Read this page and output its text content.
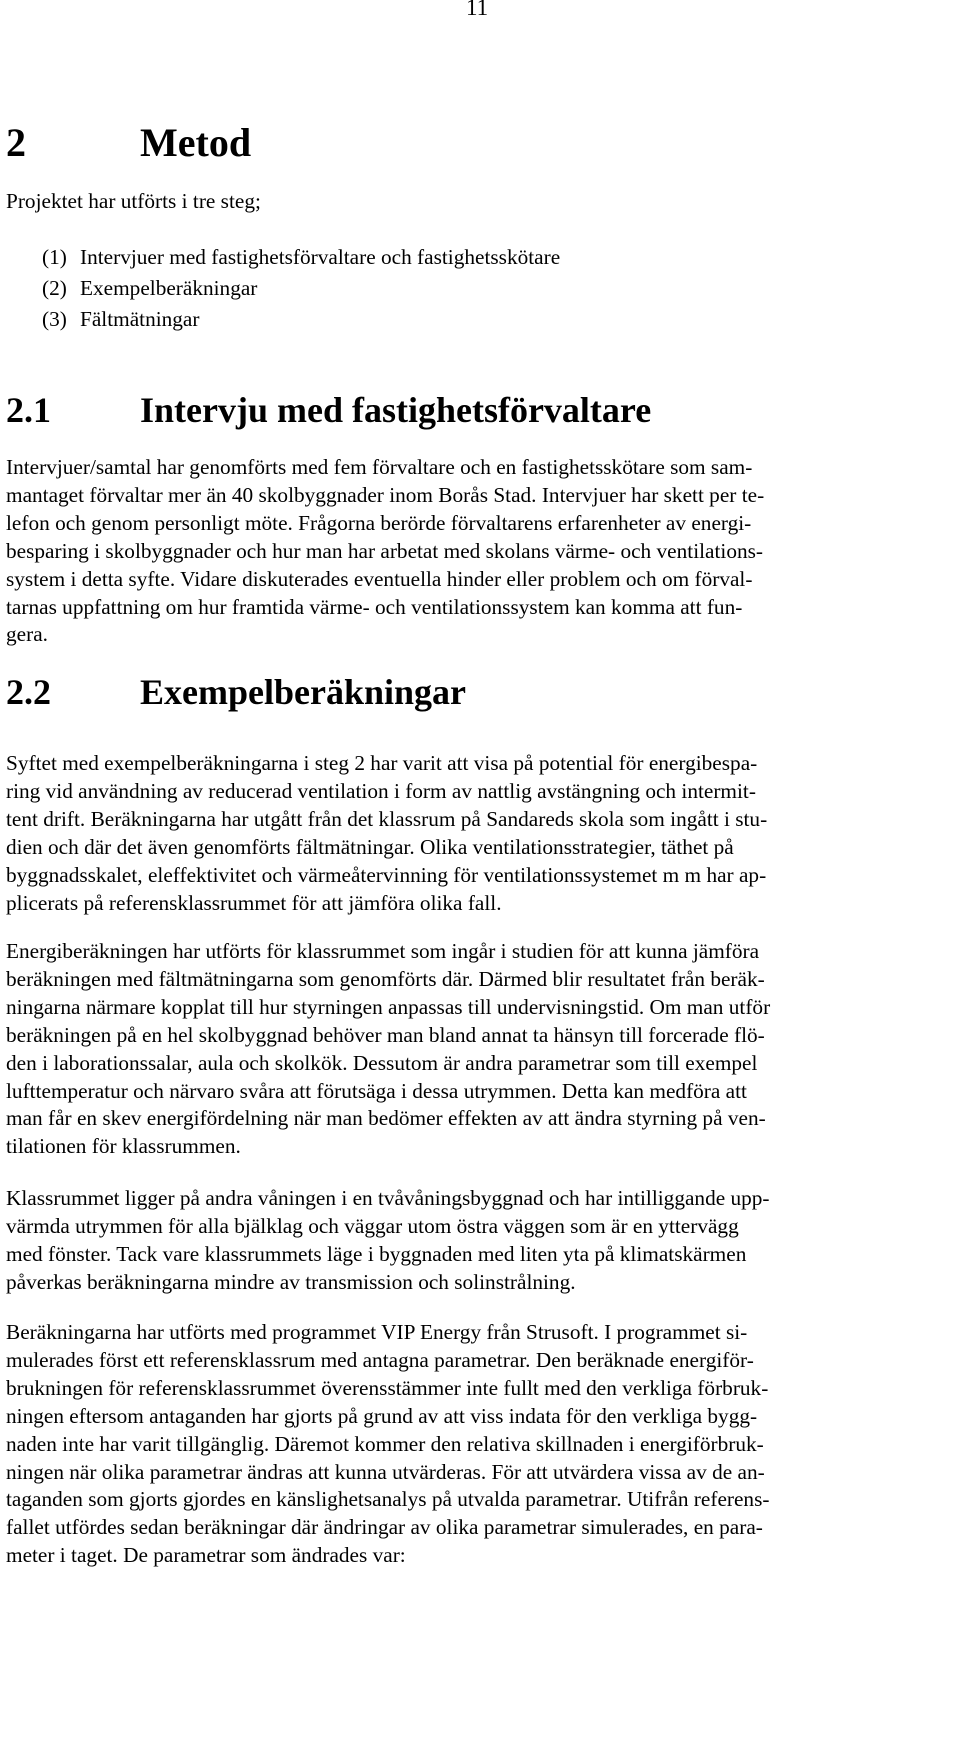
11
2	Metod

Projektet har utförts i tre steg;

(1) Intervjuer med fastighetsförvaltare och fastighetsskötare
(2) Exempelberäkningar
(3) Fältmätningar
2.1 Intervju med fastighetsförvaltare

Intervjuer/samtal har genomförts med fem förvaltare och en fastighetsskötare som sam-
mantaget förvaltar mer än 40 skolbyggnader inom Borås Stad. Intervjuer har skett per te-
lefon och genom personligt möte. Frågorna berörde förvaltarens erfarenheter av energi-
besparing i skolbyggnader och hur man har arbetat med skolans värme- och ventilations-
system i detta syfte. Vidare diskuterades eventuella hinder eller problem och om förval-
tarnas uppfattning om hur framtida värme- och ventilationssystem kan komma att fun-
gera.

2.2 Exempelberäkningar

Syftet med exempelberäkningarna i steg 2 har varit att visa på potential för energibespa-
ring vid användning av reducerad ventilation i form av nattlig avstängning och intermit-
tent drift. Beräkningarna har utgått från det klassrum på Sandareds skola som ingått i stu-
dien och där det även genomförts fältmätningar. Olika ventilationsstrategier, täthet på
byggnadsskalet, eleffektivitet och värmeåtervinning för ventilationssystemet m m har ap-
plicerats på referensklassrummet för att jämföra olika fall.

Energiberäkningen har utförts för klassrummet som ingår i studien för att kunna jämföra
beräkningen med fältmätningarna som genomförts där. Därmed blir resultatet från beräk-
ningarna närmare kopplat till hur styrningen anpassas till undervisningstid. Om man utför
beräkningen på en hel skolbyggnad behöver man bland annat ta hänsyn till forcerade flö-
den i laborationssalar, aula och skolkök. Dessutom är andra parametrar som till exempel
lufttemperatur och närvaro svåra att förutsäga i dessa utrymmen. Detta kan medföra att
man får en skev energifördelning när man bedömer effekten av att ändra styrning på ven-
tilationen för klassrummen.

Klassrummet ligger på andra våningen i en tvåvåningsbyggnad och har intilliggande upp-
värmda utrymmen för alla bjälklag och väggar utom östra väggen som är en yttervägg
med fönster. Tack vare klassrummets läge i byggnaden med liten yta på klimatskärmen
påverkas beräkningarna mindre av transmission och solinstrålning.

Beräkningarna har utförts med programmet VIP Energy från Strusoft. I programmet si-
mulerades först ett referensklassrum med antagna parametrar. Den beräknade energiför-
brukningen för referensklassrummet överensstämmer inte fullt med den verkliga förbruk-
ningen eftersom antaganden har gjorts på grund av att viss indata för den verkliga bygg-
naden inte har varit tillgänglig. Däremot kommer den relativa skillnaden i energiförbruk-
ningen när olika parametrar ändras att kunna utvärderas. För att utvärdera vissa av de an-
taganden som gjorts gjordes en känslighetsanalys på utvalda parametrar. Utifrån referens-
fallet utfördes sedan beräkningar där ändringar av olika parametrar simulerades, en para-
meter i taget. De parametrar som ändrades var:
